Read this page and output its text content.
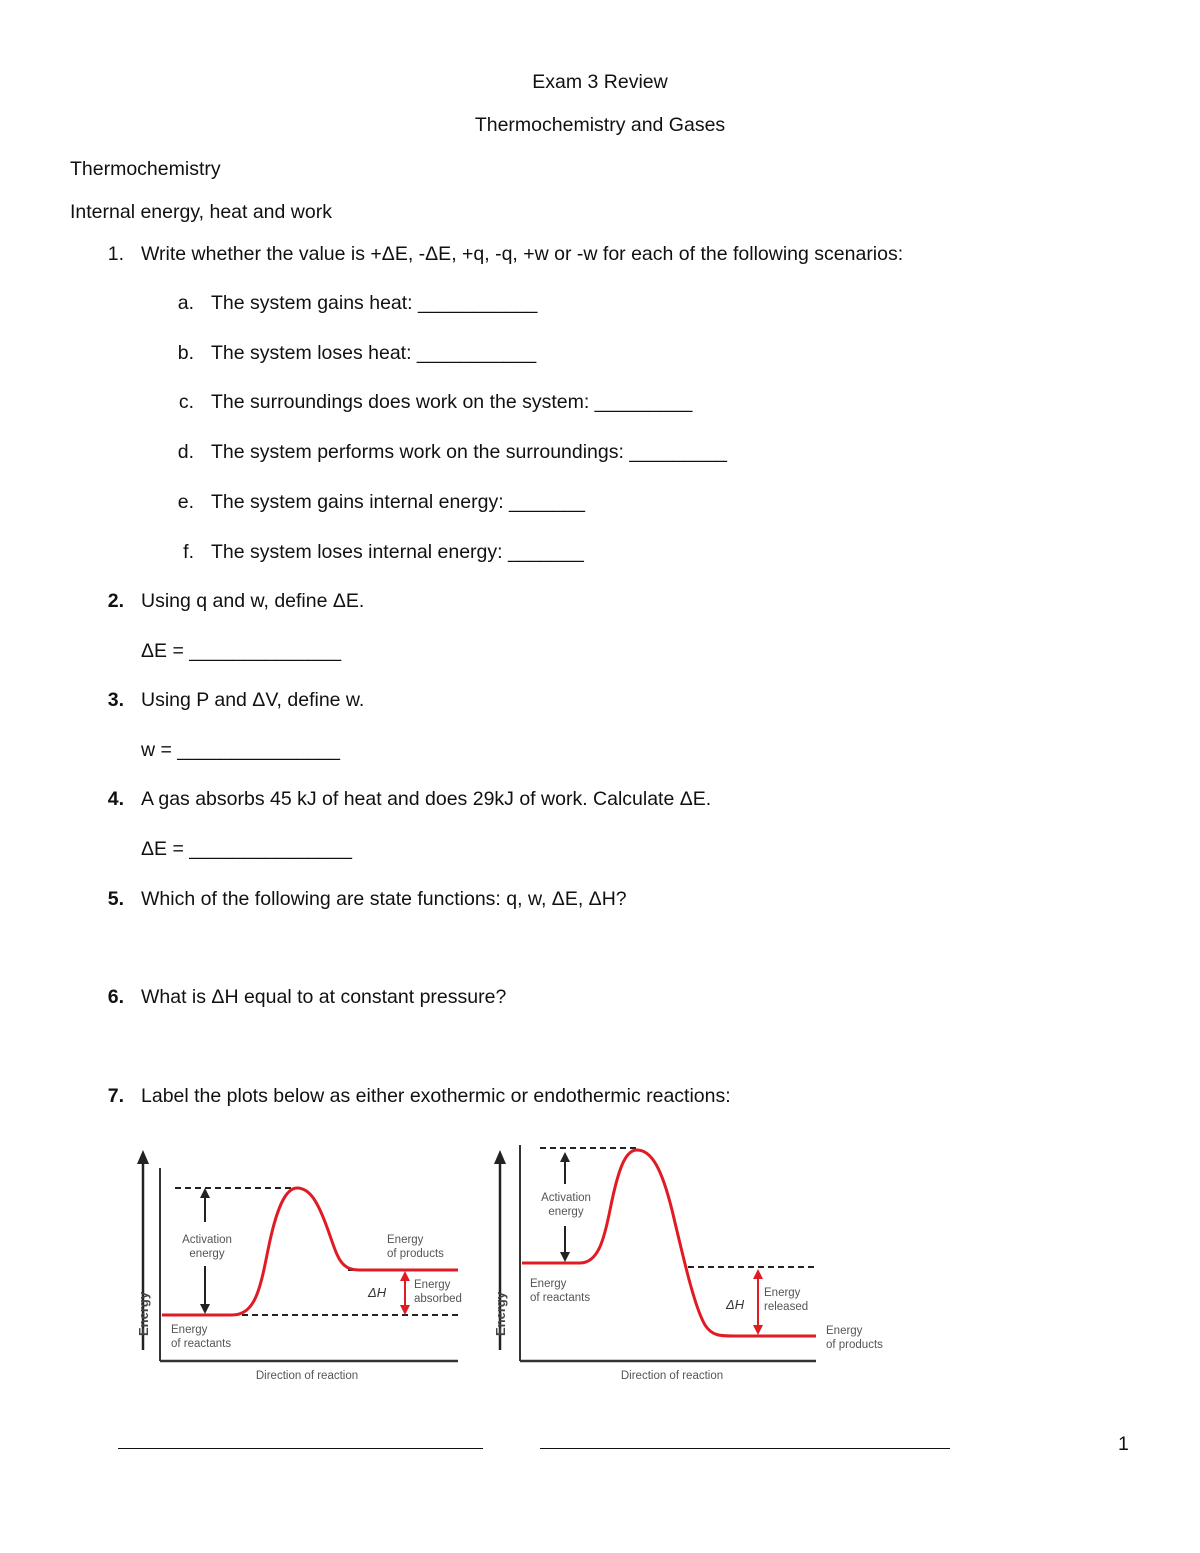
Exam 3 Review
Thermochemistry and Gases
Thermochemistry
Internal energy, heat and work
1. Write whether the value is +ΔE, -ΔE, +q, -q, +w or -w for each of the following scenarios:
a. The system gains heat: ___________
b. The system loses heat: ___________
c. The surroundings does work on the system: _________
d. The system performs work on the surroundings: _________
e. The system gains internal energy: _______
f. The system loses internal energy: _______
2. Using q and w, define ΔE.
ΔE = ______________
3. Using P and ΔV, define w.
w = _______________
4. A gas absorbs 45 kJ of heat and does 29kJ of work. Calculate ΔE.
ΔE = _______________
5. Which of the following are state functions: q, w, ΔE, ΔH?
6. What is ΔH equal to at constant pressure?
7. Label the plots below as either exothermic or endothermic reactions:
Energy
Activation
energy
Energy
of products
Energy
of reactants
ΔH Energy
absorbed
Direction of reaction
Energy
Activation
energy
Energy
of reactants
Energy
of products
ΔH
Energy
released
Direction of reaction
1
